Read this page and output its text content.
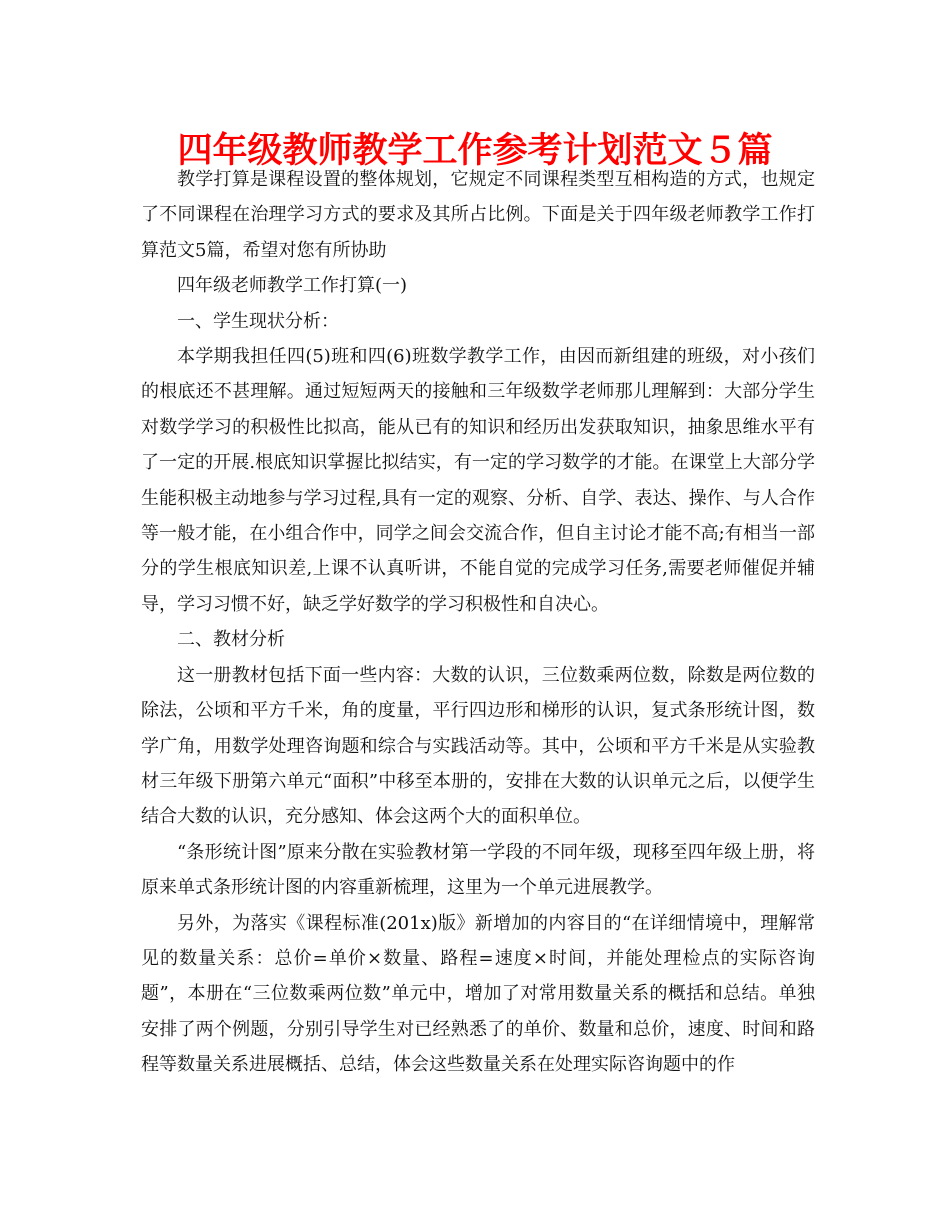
四年级教师教学工作参考计划范文５篇

教学打算是课程设置的整体规划，它规定不同课程类型互相构造的方式，也规定了不同课程在治理学习方式的要求及其所占比例。下面是关于四年级老师教学工作打算范文5篇，希望对您有所协助

四年级老师教学工作打算(一)

一、学生现状分析：

本学期我担任四(5)班和四(6)班数学教学工作，由因而新组建的班级，对小孩们的根底还不甚理解。通过短短两天的接触和三年级数学老师那儿理解到：大部分学生对数学学习的积极性比拟高，能从已有的知识和经历出发获取知识，抽象思维水平有了一定的开展.根底知识掌握比拟结实，有一定的学习数学的才能。在课堂上大部分学生能积极主动地参与学习过程,具有一定的观察、分析、自学、表达、操作、与人合作等一般才能，在小组合作中，同学之间会交流合作，但自主讨论才能不高;有相当一部分的学生根底知识差,上课不认真听讲，不能自觉的完成学习任务,需要老师催促并辅导，学习习惯不好，缺乏学好数学的学习积极性和自决心。

二、教材分析

这一册教材包括下面一些内容：大数的认识，三位数乘两位数，除数是两位数的除法，公顷和平方千米，角的度量，平行四边形和梯形的认识，复式条形统计图，数学广角，用数学处理咨询题和综合与实践活动等。其中，公顷和平方千米是从实验教材三年级下册第六单元“面积”中移至本册的，安排在大数的认识单元之后，以便学生结合大数的认识，充分感知、体会这两个大的面积单位。

“条形统计图”原来分散在实验教材第一学段的不同年级，现移至四年级上册，将原来单式条形统计图的内容重新梳理，这里为一个单元进展教学。

另外，为落实《课程标准(201x)版》新增加的内容目的“在详细情境中，理解常见的数量关系：总价=单价×数量、路程=速度×时间，并能处理检点的实际咨询题”，本册在“三位数乘两位数”单元中，增加了对常用数量关系的概括和总结。单独安排了两个例题，分别引导学生对已经熟悉了的单价、数量和总价，速度、时间和路程等数量关系进展概括、总结，体会这些数量关系在处理实际咨询题中的作
